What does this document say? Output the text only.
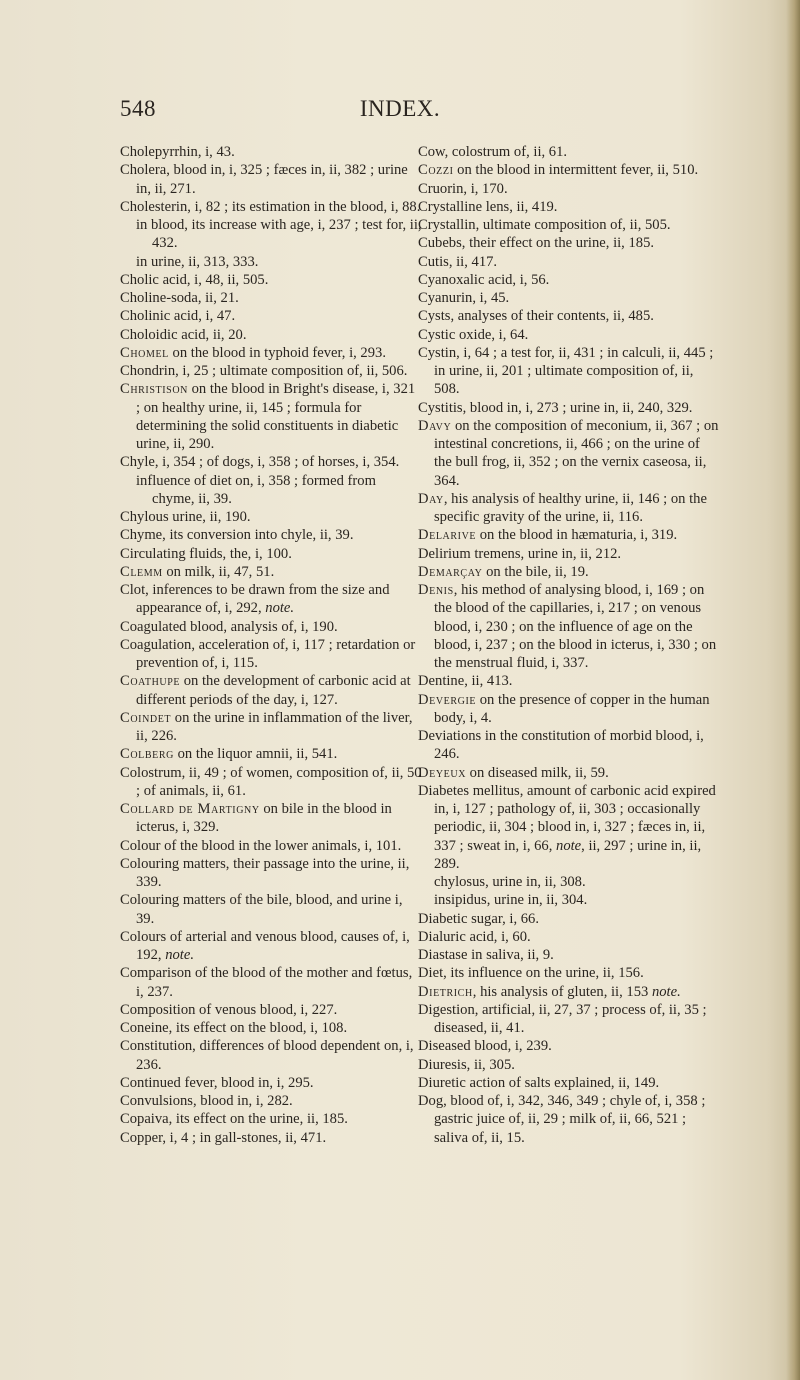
548	INDEX.

Cholepyrrhin, i, 43.

Cholera, blood in, i, 325 ; fæces in, ii, 382 ; urine in, ii, 271.

Cholesterin, i, 82 ; its estimation in the blood, i, 88.

in blood, its increase with age, i, 237 ; test for, ii, 432.

in urine, ii, 313, 333.

Cholic acid, i, 48, ii, 505.

Choline-soda, ii, 21.

Cholinic acid, i, 47.

Choloidic acid, ii, 20.

Chomel on the blood in typhoid fever, i, 293.

Chondrin, i, 25 ; ultimate composition of, ii, 506.

Christison on the blood in Bright's disease, i, 321 ; on healthy urine, ii, 145 ; formula for determining the solid constituents in diabetic urine, ii, 290.

Chyle, i, 354 ; of dogs, i, 358 ; of horses, i, 354.

influence of diet on, i, 358 ; formed from chyme, ii, 39.

Chylous urine, ii, 190.

Chyme, its conversion into chyle, ii, 39.

Circulating fluids, the, i, 100.

Clemm on milk, ii, 47, 51.

Clot, inferences to be drawn from the size and appearance of, i, 292, note.

Coagulated blood, analysis of, i, 190.

Coagulation, acceleration of, i, 117 ; retardation or prevention of, i, 115.

Coathupe on the development of carbonic acid at different periods of the day, i, 127.

Coindet on the urine in inflammation of the liver, ii, 226.

Colberg on the liquor amnii, ii, 541.

Colostrum, ii, 49 ; of women, composition of, ii, 50 ; of animals, ii, 61.

Collard de Martigny on bile in the blood in icterus, i, 329.

Colour of the blood in the lower animals, i, 101.

Colouring matters, their passage into the urine, ii, 339.

Colouring matters of the bile, blood, and urine i, 39.

Colours of arterial and venous blood, causes of, i, 192, note.

Comparison of the blood of the mother and fœtus, i, 237.

Composition of venous blood, i, 227.

Coneine, its effect on the blood, i, 108.

Constitution, differences of blood dependent on, i, 236.

Continued fever, blood in, i, 295.

Convulsions, blood in, i, 282.

Copaiva, its effect on the urine, ii, 185.

Copper, i, 4 ; in gall-stones, ii, 471.

Cow, colostrum of, ii, 61.

Cozzi on the blood in intermittent fever, ii, 510.

Cruorin, i, 170.

Crystalline lens, ii, 419.

Crystallin, ultimate composition of, ii, 505.

Cubebs, their effect on the urine, ii, 185.

Cutis, ii, 417.

Cyanoxalic acid, i, 56.

Cyanurin, i, 45.

Cysts, analyses of their contents, ii, 485.

Cystic oxide, i, 64.

Cystin, i, 64 ; a test for, ii, 431 ; in calculi, ii, 445 ; in urine, ii, 201 ; ultimate composition of, ii, 508.

Cystitis, blood in, i, 273 ; urine in, ii, 240, 329.

Davy on the composition of meconium, ii, 367 ; on intestinal concretions, ii, 466 ; on the urine of the bull frog, ii, 352 ; on the vernix caseosa, ii, 364.

Day, his analysis of healthy urine, ii, 146 ; on the specific gravity of the urine, ii, 116.

Delarive on the blood in hæmaturia, i, 319.

Delirium tremens, urine in, ii, 212.

Demarçay on the bile, ii, 19.

Denis, his method of analysing blood, i, 169 ; on the blood of the capillaries, i, 217 ; on venous blood, i, 230 ; on the influence of age on the blood, i, 237 ; on the blood in icterus, i, 330 ; on the menstrual fluid, i, 337.

Dentine, ii, 413.

Devergie on the presence of copper in the human body, i, 4.

Deviations in the constitution of morbid blood, i, 246.

Deyeux on diseased milk, ii, 59.

Diabetes mellitus, amount of carbonic acid expired in, i, 127 ; pathology of, ii, 303 ; occasionally periodic, ii, 304 ; blood in, i, 327 ; fæces in, ii, 337 ; sweat in, i, 66, note, ii, 297 ; urine in, ii, 289.

chylosus, urine in, ii, 308.

insipidus, urine in, ii, 304.

Diabetic sugar, i, 66.

Dialuric acid, i, 60.

Diastase in saliva, ii, 9.

Diet, its influence on the urine, ii, 156.

Dietrich, his analysis of gluten, ii, 153 note.

Digestion, artificial, ii, 27, 37 ; process of, ii, 35 ; diseased, ii, 41.

Diseased blood, i, 239.

Diuresis, ii, 305.

Diuretic action of salts explained, ii, 149.

Dog, blood of, i, 342, 346, 349 ; chyle of, i, 358 ; gastric juice of, ii, 29 ; milk of, ii, 66, 521 ; saliva of, ii, 15.
